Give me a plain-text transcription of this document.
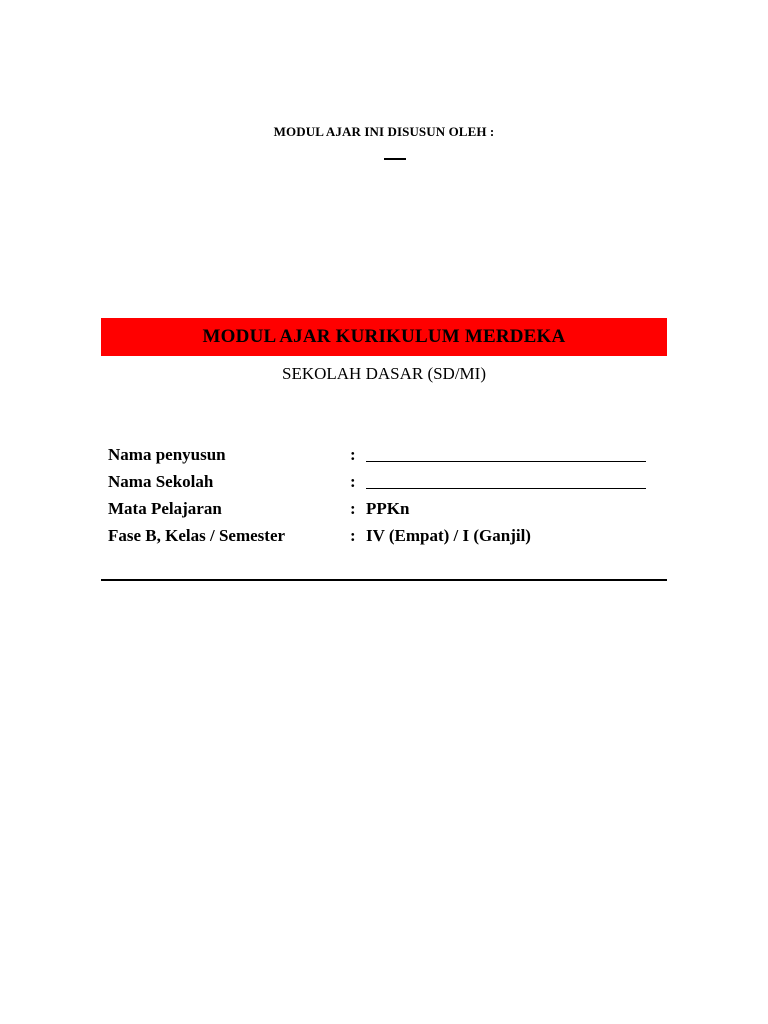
MODUL AJAR INI DISUSUN OLEH :
MODUL AJAR KURIKULUM MERDEKA
SEKOLAH DASAR (SD/MI)
Nama penyusun	:
Nama Sekolah	:
Mata Pelajaran	: PPKn
Fase B, Kelas / Semester	: IV (Empat) / I (Ganjil)
